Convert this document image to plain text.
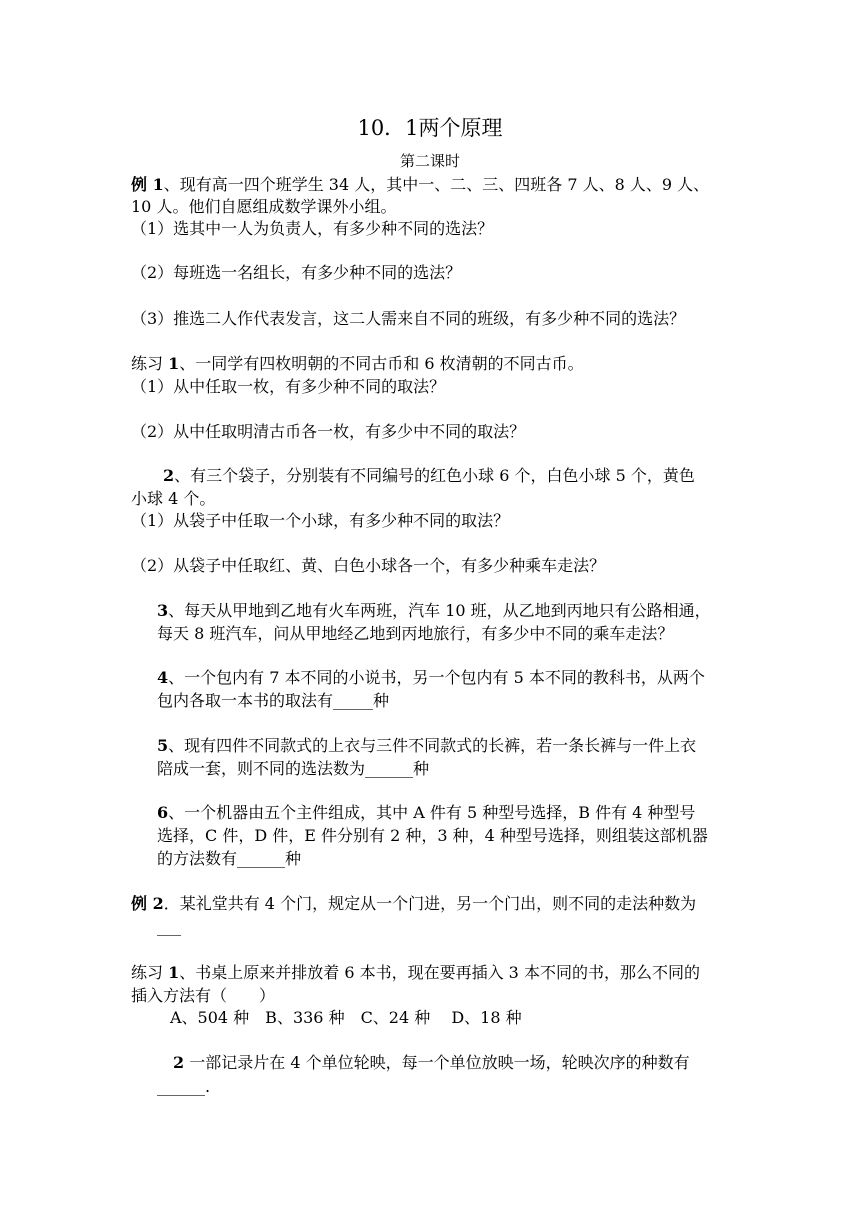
10．1两个原理
第二课时
例 1、现有高一四个班学生 34 人，其中一、二、三、四班各 7 人、8 人、9 人、
10 人。他们自愿组成数学课外小组。
（1）选其中一人为负责人，有多少种不同的选法？
（2）每班选一名组长，有多少种不同的选法？
（3）推选二人作代表发言，这二人需来自不同的班级，有多少种不同的选法？
练习 1、一同学有四枚明朝的不同古币和 6 枚清朝的不同古币。
（1）从中任取一枚，有多少种不同的取法？
（2）从中任取明清古币各一枚，有多少中不同的取法？
2、有三个袋子，分别装有不同编号的红色小球 6 个，白色小球 5 个，黄色
小球 4 个。
（1）从袋子中任取一个小球，有多少种不同的取法？
（2）从袋子中任取红、黄、白色小球各一个，有多少种乘车走法？
3、每天从甲地到乙地有火车两班，汽车 10 班，从乙地到丙地只有公路相通，
每天 8 班汽车，问从甲地经乙地到丙地旅行，有多少中不同的乘车走法？
4、一个包内有 7 本不同的小说书，另一个包内有 5 本不同的教科书，从两个
包内各取一本书的取法有_____种
5、现有四件不同款式的上衣与三件不同款式的长裤，若一条长裤与一件上衣
陪成一套，则不同的选法数为______种
6、一个机器由五个主件组成，其中 A 件有 5 种型号选择，B 件有 4 种型号
选择，C 件，D 件，E 件分别有 2 种，3 种，4 种型号选择，则组装这部机器
的方法数有______种
例 2．某礼堂共有 4 个门，规定从一个门进，另一个门出，则不同的走法种数为
___
练习 1、书桌上原来并排放着 6 本书，现在要再插入 3 本不同的书，那么不同的
插入方法有（　　）
A、504 种　B、336 种　C、24 种　 D、18 种
2 一部记录片在 4 个单位轮映，每一个单位放映一场，轮映次序的种数有
______.
